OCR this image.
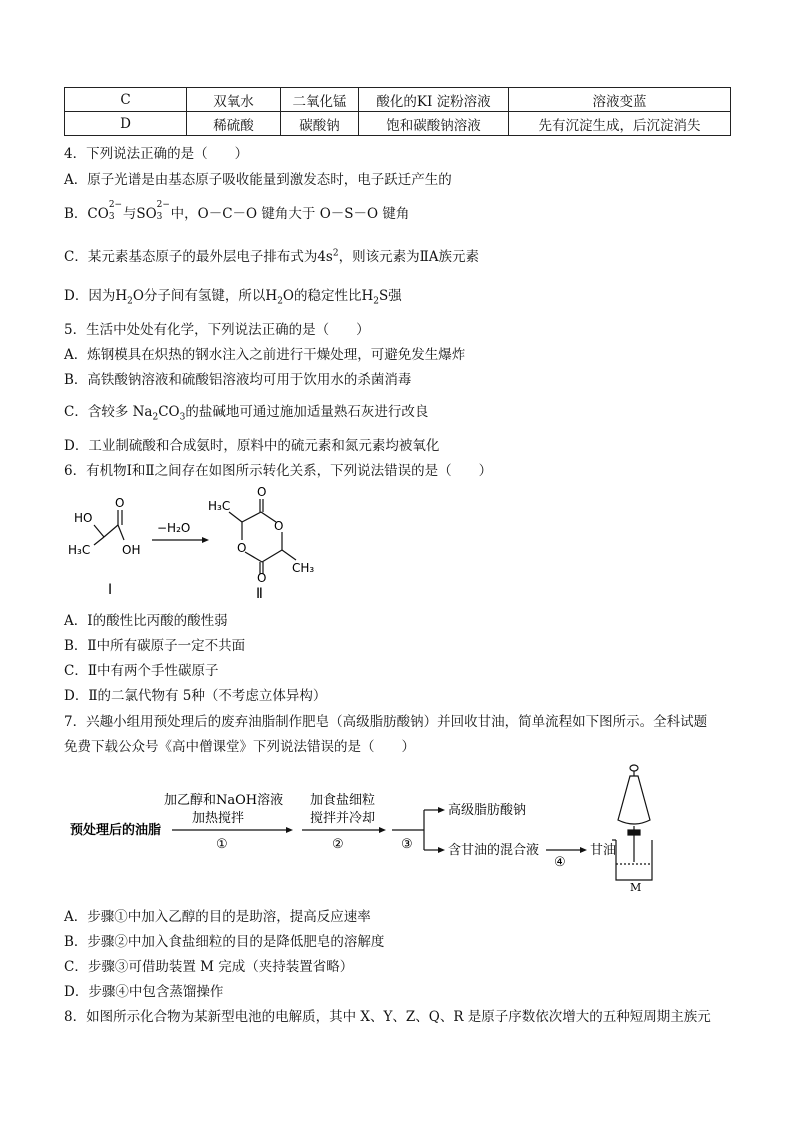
C	双氧水	二氧化锰	酸化的KI 淀粉溶液	溶液变蓝
D	稀硫酸	碳酸钠	饱和碳酸钠溶液	先有沉淀生成，后沉淀消失
4．下列说法正确的是（　　）
A．原子光谱是由基态原子吸收能量到激发态时，电子跃迁产生的
B．CO
2−
3 与SO
2−
3 中，O－C－O 键角大于 O－S－O 键角
C．某元素基态原子的最外层电子排布式为$4s^2$，则该元素为ⅡA族元素
D．因为$H_2O$分子间有氢键，所以$H_2O$的稳定性比$H_2S$强
5．生活中处处有化学，下列说法正确的是（　　）
A．炼钢模具在炽热的钢水注入之前进行干燥处理，可避免发生爆炸
B．高铁酸钠溶液和硫酸铝溶液均可用于饮用水的杀菌消毒
C．含较多 $Na_2CO_3$的盐碱地可通过施加适量熟石灰进行改良
D．工业制硫酸和合成氨时，原料中的硫元素和氮元素均被氧化
6．有机物Ⅰ和Ⅱ之间存在如图所示转化关系，下列说法错误的是（　　）
HO
O
H₃C	OH
Ⅰ
−H₂O
O
O
CH₃
O
O
H₃C
Ⅱ
A．Ⅰ的酸性比丙酸的酸性弱
B．Ⅱ中所有碳原子一定不共面
C．Ⅱ中有两个手性碳原子
D．Ⅱ的二氯代物有 5种（不考虑立体异构）
7．兴趣小组用预处理后的废弃油脂制作肥皂（高级脂肪酸钠）并回收甘油，简单流程如下图所示。全科试题
免费下载公众号《高中僧课堂》下列说法错误的是（　　）
预处理后的油脂
加乙醇和NaOH溶液
加热搅拌
①
加食盐细粒
搅拌并冷却
②	③
高级脂肪酸钠
含甘油的混合液
④
甘油
M
A．步骤①中加入乙醇的目的是助溶，提高反应速率
B．步骤②中加入食盐细粒的目的是降低肥皂的溶解度
C．步骤③可借助装置 M 完成（夹持装置省略）
D．步骤④中包含蒸馏操作
8．如图所示化合物为某新型电池的电解质，其中 X、Y、Z、Q、R 是原子序数依次增大的五种短周期主族元
